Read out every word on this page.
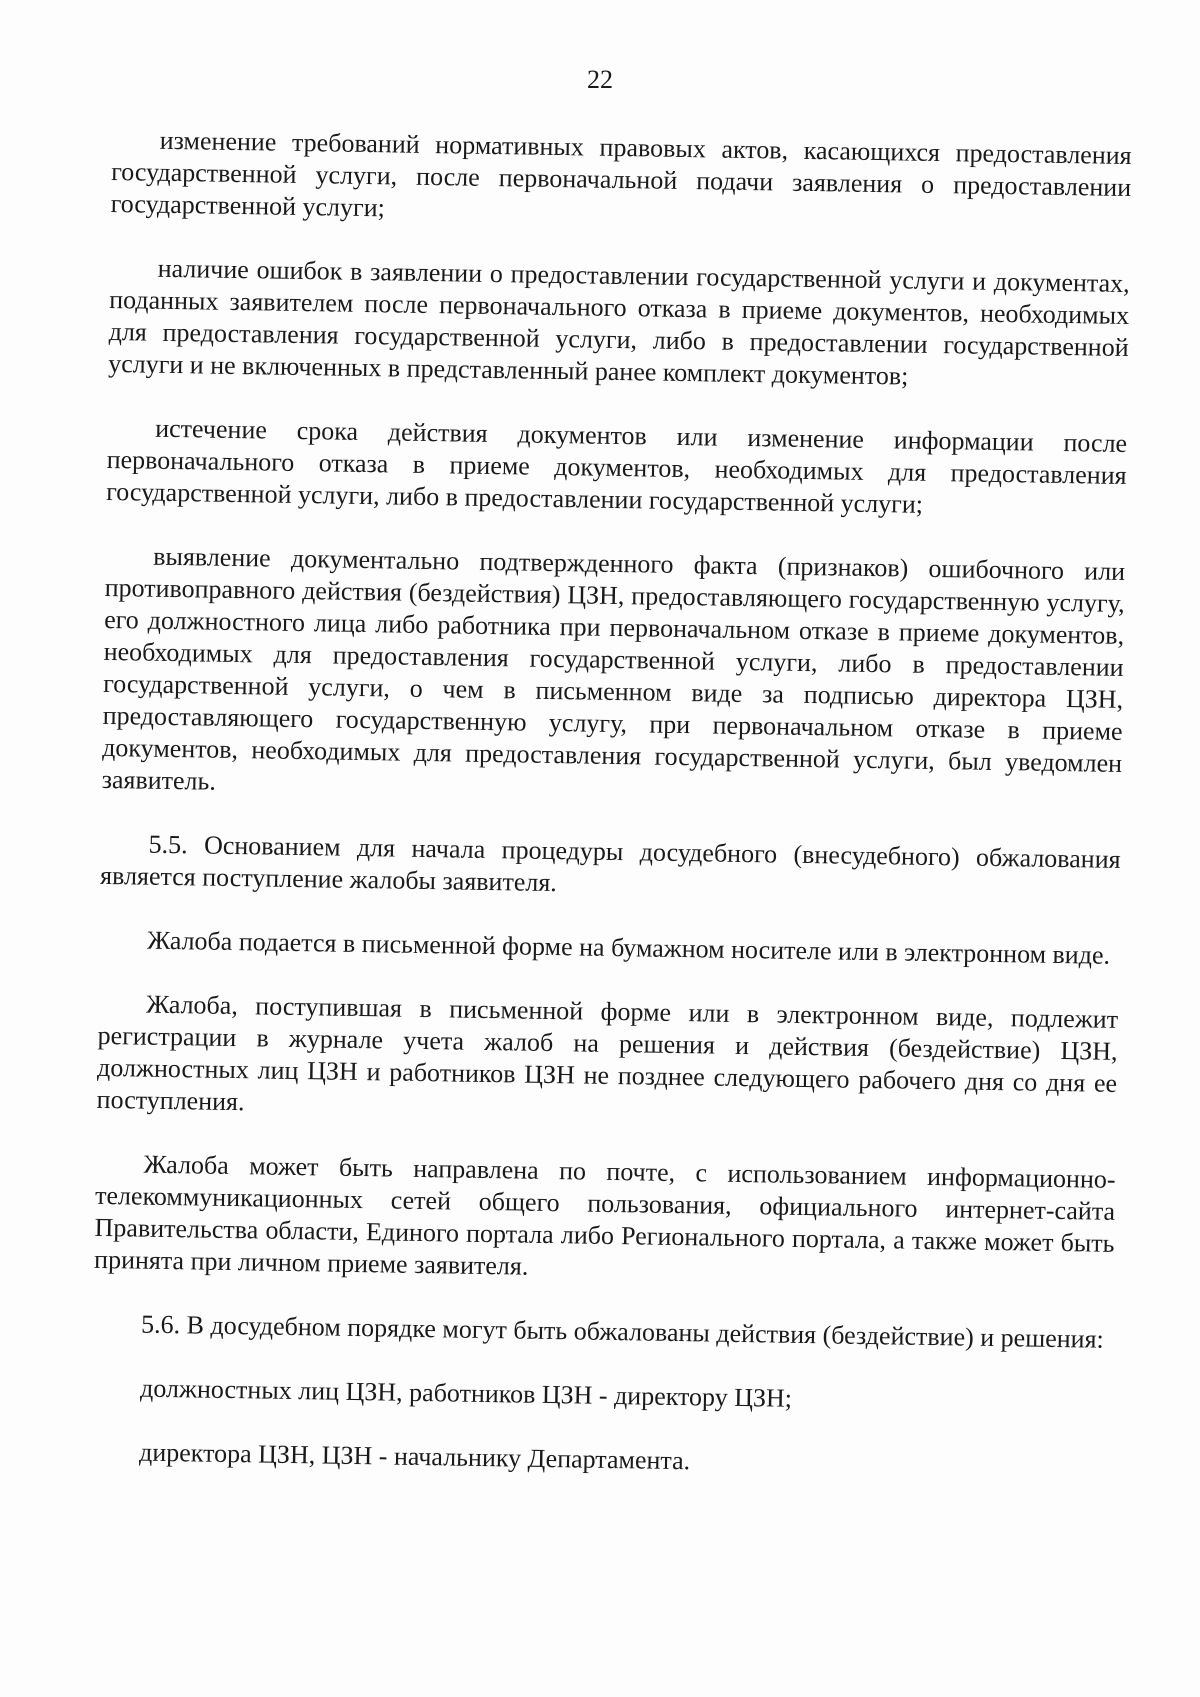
22

изменение требований нормативных правовых актов, касающихся предоставления государственной услуги, после первоначальной подачи заявления о предоставлении государственной услуги;

наличие ошибок в заявлении о предоставлении государственной услуги и документах, поданных заявителем после первоначального отказа в приеме документов, необходимых для предоставления государственной услуги, либо в предоставлении государственной услуги и не включенных в представленный ранее комплект документов;

истечение срока действия документов или изменение информации после первоначального отказа в приеме документов, необходимых для предоставления государственной услуги, либо в предоставлении государственной услуги;

выявление документально подтвержденного факта (признаков) ошибочного или противоправного действия (бездействия) ЦЗН, предоставляющего государственную услугу, его должностного лица либо работника при первоначальном отказе в приеме документов, необходимых для предоставления государственной услуги, либо в предоставлении государственной услуги, о чем в письменном виде за подписью директора ЦЗН, предоставляющего государственную услугу, при первоначальном отказе в приеме документов, необходимых для предоставления государственной услуги, был уведомлен заявитель.

5.5. Основанием для начала процедуры досудебного (внесудебного) обжалования является поступление жалобы заявителя.

Жалоба подается в письменной форме на бумажном носителе или в электронном виде.

Жалоба, поступившая в письменной форме или в электронном виде, подлежит регистрации в журнале учета жалоб на решения и действия (бездействие) ЦЗН, должностных лиц ЦЗН и работников ЦЗН не позднее следующего рабочего дня со дня ее поступления.

Жалоба может быть направлена по почте, с использованием информационно-телекоммуникационных сетей общего пользования, официального интернет-сайта Правительства области, Единого портала либо Регионального портала, а также может быть принята при личном приеме заявителя.

5.6. В досудебном порядке могут быть обжалованы действия (бездействие) и решения:

должностных лиц ЦЗН, работников ЦЗН - директору ЦЗН;

директора ЦЗН, ЦЗН - начальнику Департамента.
